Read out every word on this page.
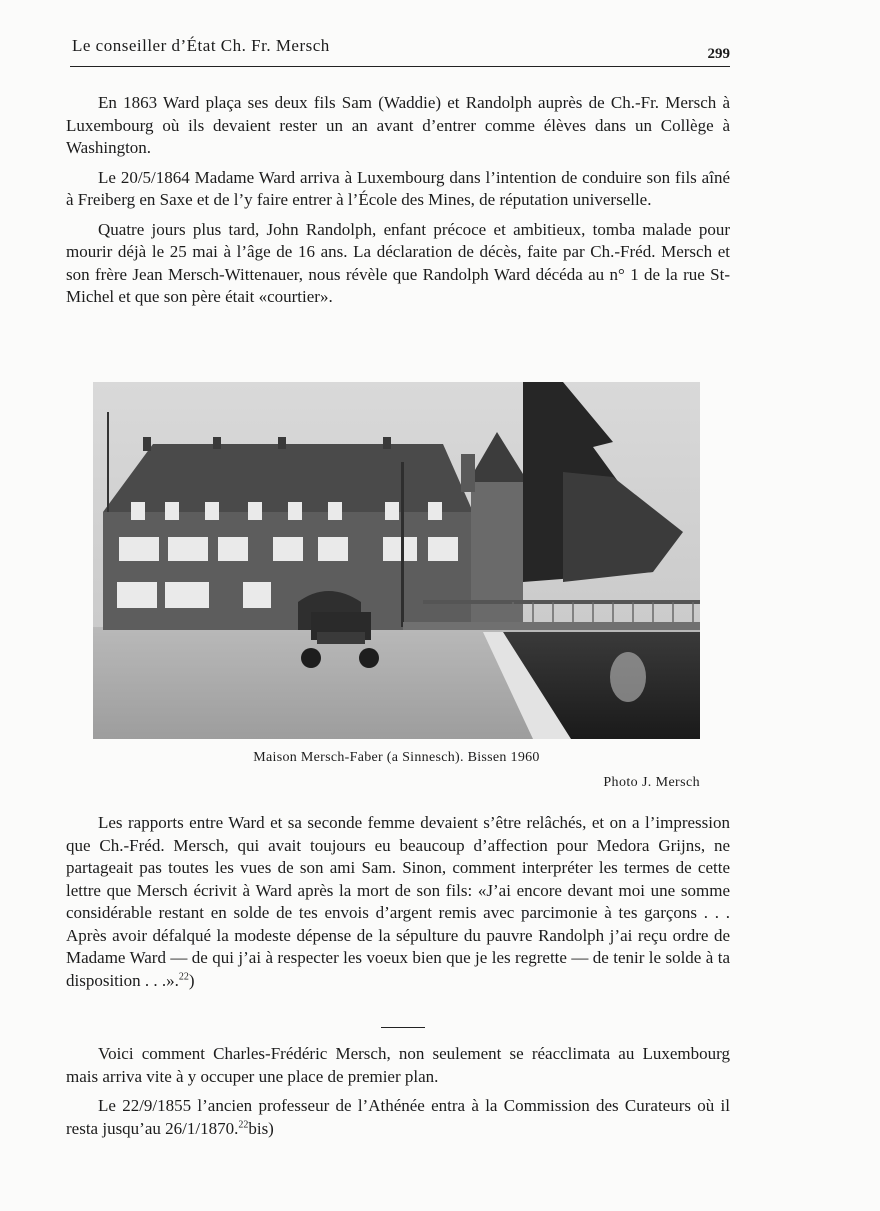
Le conseiller d’État Ch. Fr. Mersch	299

En 1863 Ward plaça ses deux fils Sam (Waddie) et Randolph auprès de Ch.-Fr. Mersch à Luxembourg où ils devaient rester un an avant d’entrer comme élèves dans un Collège à Washington.

Le 20/5/1864 Madame Ward arriva à Luxembourg dans l’intention de conduire son fils aîné à Freiberg en Saxe et de l’y faire entrer à l’École des Mines, de réputation universelle.

Quatre jours plus tard, John Randolph, enfant précoce et ambitieux, tomba malade pour mourir déjà le 25 mai à l’âge de 16 ans. La déclaration de décès, faite par Ch.-Fréd. Mersch et son frère Jean Mersch-Wittenauer, nous révèle que Randolph Ward décéda au n° 1 de la rue St-Michel et que son père était «courtier».

Maison Mersch-Faber (a Sinnesch). Bissen 1960
Photo J. Mersch

Les rapports entre Ward et sa seconde femme devaient s’être relâchés, et on a l’impression que Ch.-Fréd. Mersch, qui avait toujours eu beaucoup d’affection pour Medora Grijns, ne partageait pas toutes les vues de son ami Sam. Sinon, comment interpréter les termes de cette lettre que Mersch écrivit à Ward après la mort de son fils: «J’ai encore devant moi une somme considérable restant en solde de tes envois d’argent remis avec parcimonie à tes garçons . . . Après avoir défalqué la modeste dépense de la sépulture du pauvre Randolph j’ai reçu ordre de Madame Ward — de qui j’ai à respecter les voeux bien que je les regrette — de tenir le solde à ta disposition . . .».$^{22}$)

Voici comment Charles-Frédéric Mersch, non seulement se réacclimata au Luxembourg mais arriva vite à y occuper une place de premier plan.

Le 22/9/1855 l’ancien professeur de l’Athénée entra à la Commission des Curateurs où il resta jusqu’au 26/1/1870.22bis)
